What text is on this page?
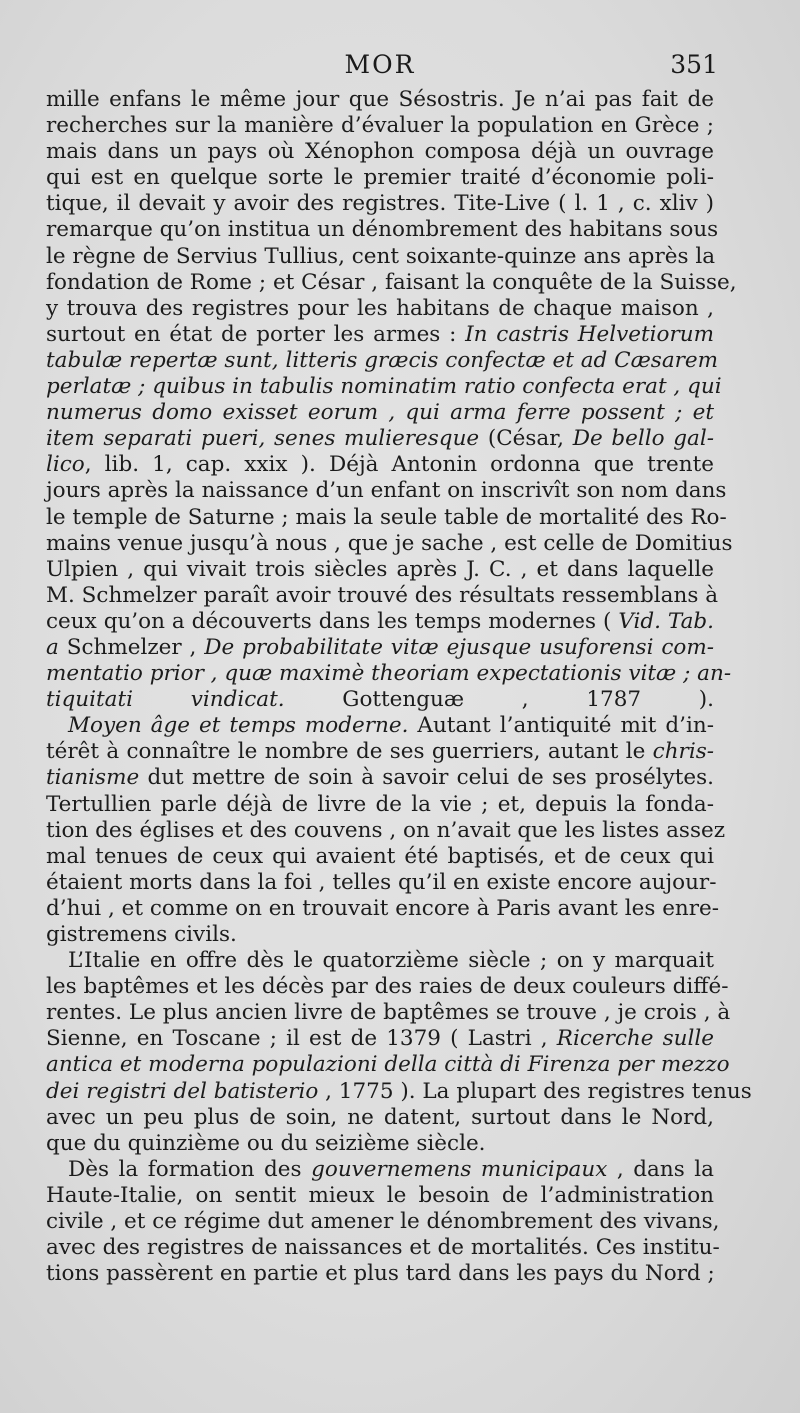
MOR	351
mille enfans le même jour que Sésostris. Je n’ai pas fait de
recherches sur la manière d’évaluer la population en Grèce ;
mais dans un pays où Xénophon composa déjà un ouvrage
qui est en quelque sorte le premier traité d’économie poli-
tique, il devait y avoir des registres. Tite-Live ( l. 1 , c. xliv )
remarque qu’on institua un dénombrement des habitans sous
le règne de Servius Tullius, cent soixante-quinze ans après la
fondation de Rome ; et César , faisant la conquête de la Suisse,
y trouva des registres pour les habitans de chaque maison ,
surtout en état de porter les armes : In castris Helvetiorum
tabulæ repertæ sunt, litteris græcis confectæ et ad Cæsarem
perlatæ ; quibus in tabulis nominatim ratio confecta erat , qui
numerus domo exisset eorum , qui arma ferre possent ; et
item separati pueri, senes mulieresque (César, De bello gal-
lico, lib. 1, cap. xxix ). Déjà Antonin ordonna que trente
jours après la naissance d’un enfant on inscrivît son nom dans
le temple de Saturne ; mais la seule table de mortalité des Ro-
mains venue jusqu’à nous , que je sache , est celle de Domitius
Ulpien , qui vivait trois siècles après J. C. , et dans laquelle
M. Schmelzer paraît avoir trouvé des résultats ressemblans à
ceux qu’on a découverts dans les temps modernes ( Vid. Tab.
a Schmelzer , De probabilitate vitæ ejusque usuforensi com-
mentatio prior , quæ maximè theoriam expectationis vitæ ; an-
tiquitati vindicat. Gottenguæ , 1787 ).
Moyen âge et temps moderne. Autant l’antiquité mit d’in-
térêt à connaître le nombre de ses guerriers, autant le chris-
tianisme dut mettre de soin à savoir celui de ses prosélytes.
Tertullien parle déjà de livre de la vie ; et, depuis la fonda-
tion des églises et des couvens , on n’avait que les listes assez
mal tenues de ceux qui avaient été baptisés, et de ceux qui
étaient morts dans la foi , telles qu’il en existe encore aujour-
d’hui , et comme on en trouvait encore à Paris avant les enre-
gistremens civils.
L’Italie en offre dès le quatorzième siècle ; on y marquait
les baptêmes et les décès par des raies de deux couleurs diffé-
rentes. Le plus ancien livre de baptêmes se trouve , je crois , à
Sienne, en Toscane ; il est de 1379 ( Lastri , Ricerche sulle
antica et moderna populazioni della città di Firenza per mezzo
dei registri del batisterio , 1775 ). La plupart des registres tenus
avec un peu plus de soin, ne datent, surtout dans le Nord,
que du quinzième ou du seizième siècle.
Dès la formation des gouvernemens municipaux , dans la
Haute-Italie, on sentit mieux le besoin de l’administration
civile , et ce régime dut amener le dénombrement des vivans,
avec des registres de naissances et de mortalités. Ces institu-
tions passèrent en partie et plus tard dans les pays du Nord ;
